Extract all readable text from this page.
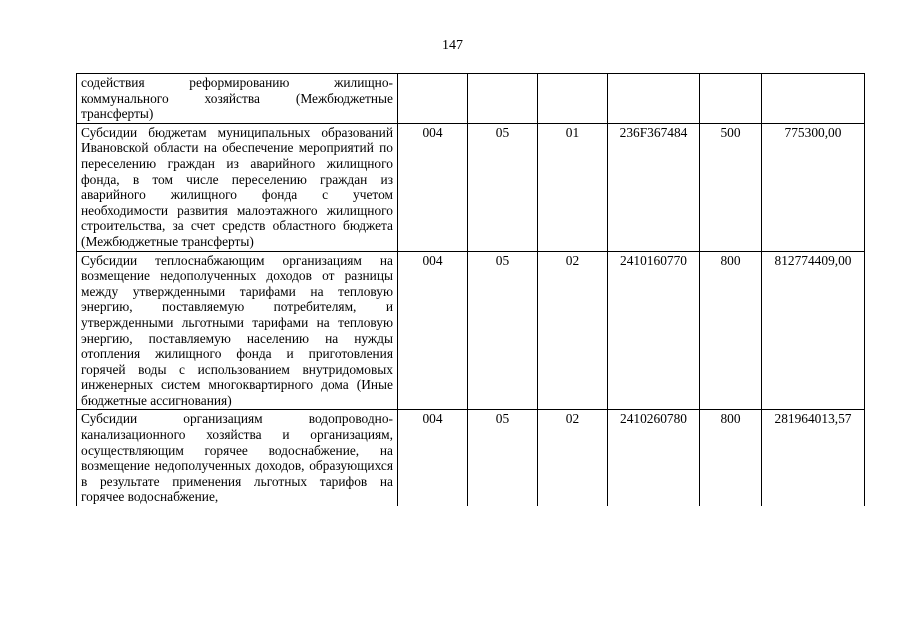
147
содействия реформированию жилищно-коммунального хозяйства (Межбюджетные трансферты)						
Субсидии бюджетам муниципальных образований Ивановской области на обеспечение мероприятий по переселению граждан из аварийного жилищного фонда, в том числе переселению граждан из аварийного жилищного фонда с учетом необходимости развития малоэтажного жилищного строительства, за счет средств областного бюджета (Межбюджетные трансферты)	004	05	01	236F367484	500	775300,00
Субсидии теплоснабжающим организациям на возмещение недополученных доходов от разницы между утвержденными тарифами на тепловую энергию, поставляемую потребителям, и утвержденными льготными тарифами на тепловую энергию, поставляемую населению на нужды отопления жилищного фонда и приготовления горячей воды с использованием внутридомовых инженерных систем многоквартирного дома (Иные бюджетные ассигнования)	004	05	02	2410160770	800	812774409,00
Субсидии организациям водопроводно-канализационного хозяйства и организациям, осуществляющим горячее водоснабжение, на возмещение недополученных доходов, образующихся в результате применения льготных тарифов на горячее водоснабжение,	004	05	02	2410260780	800	281964013,57
